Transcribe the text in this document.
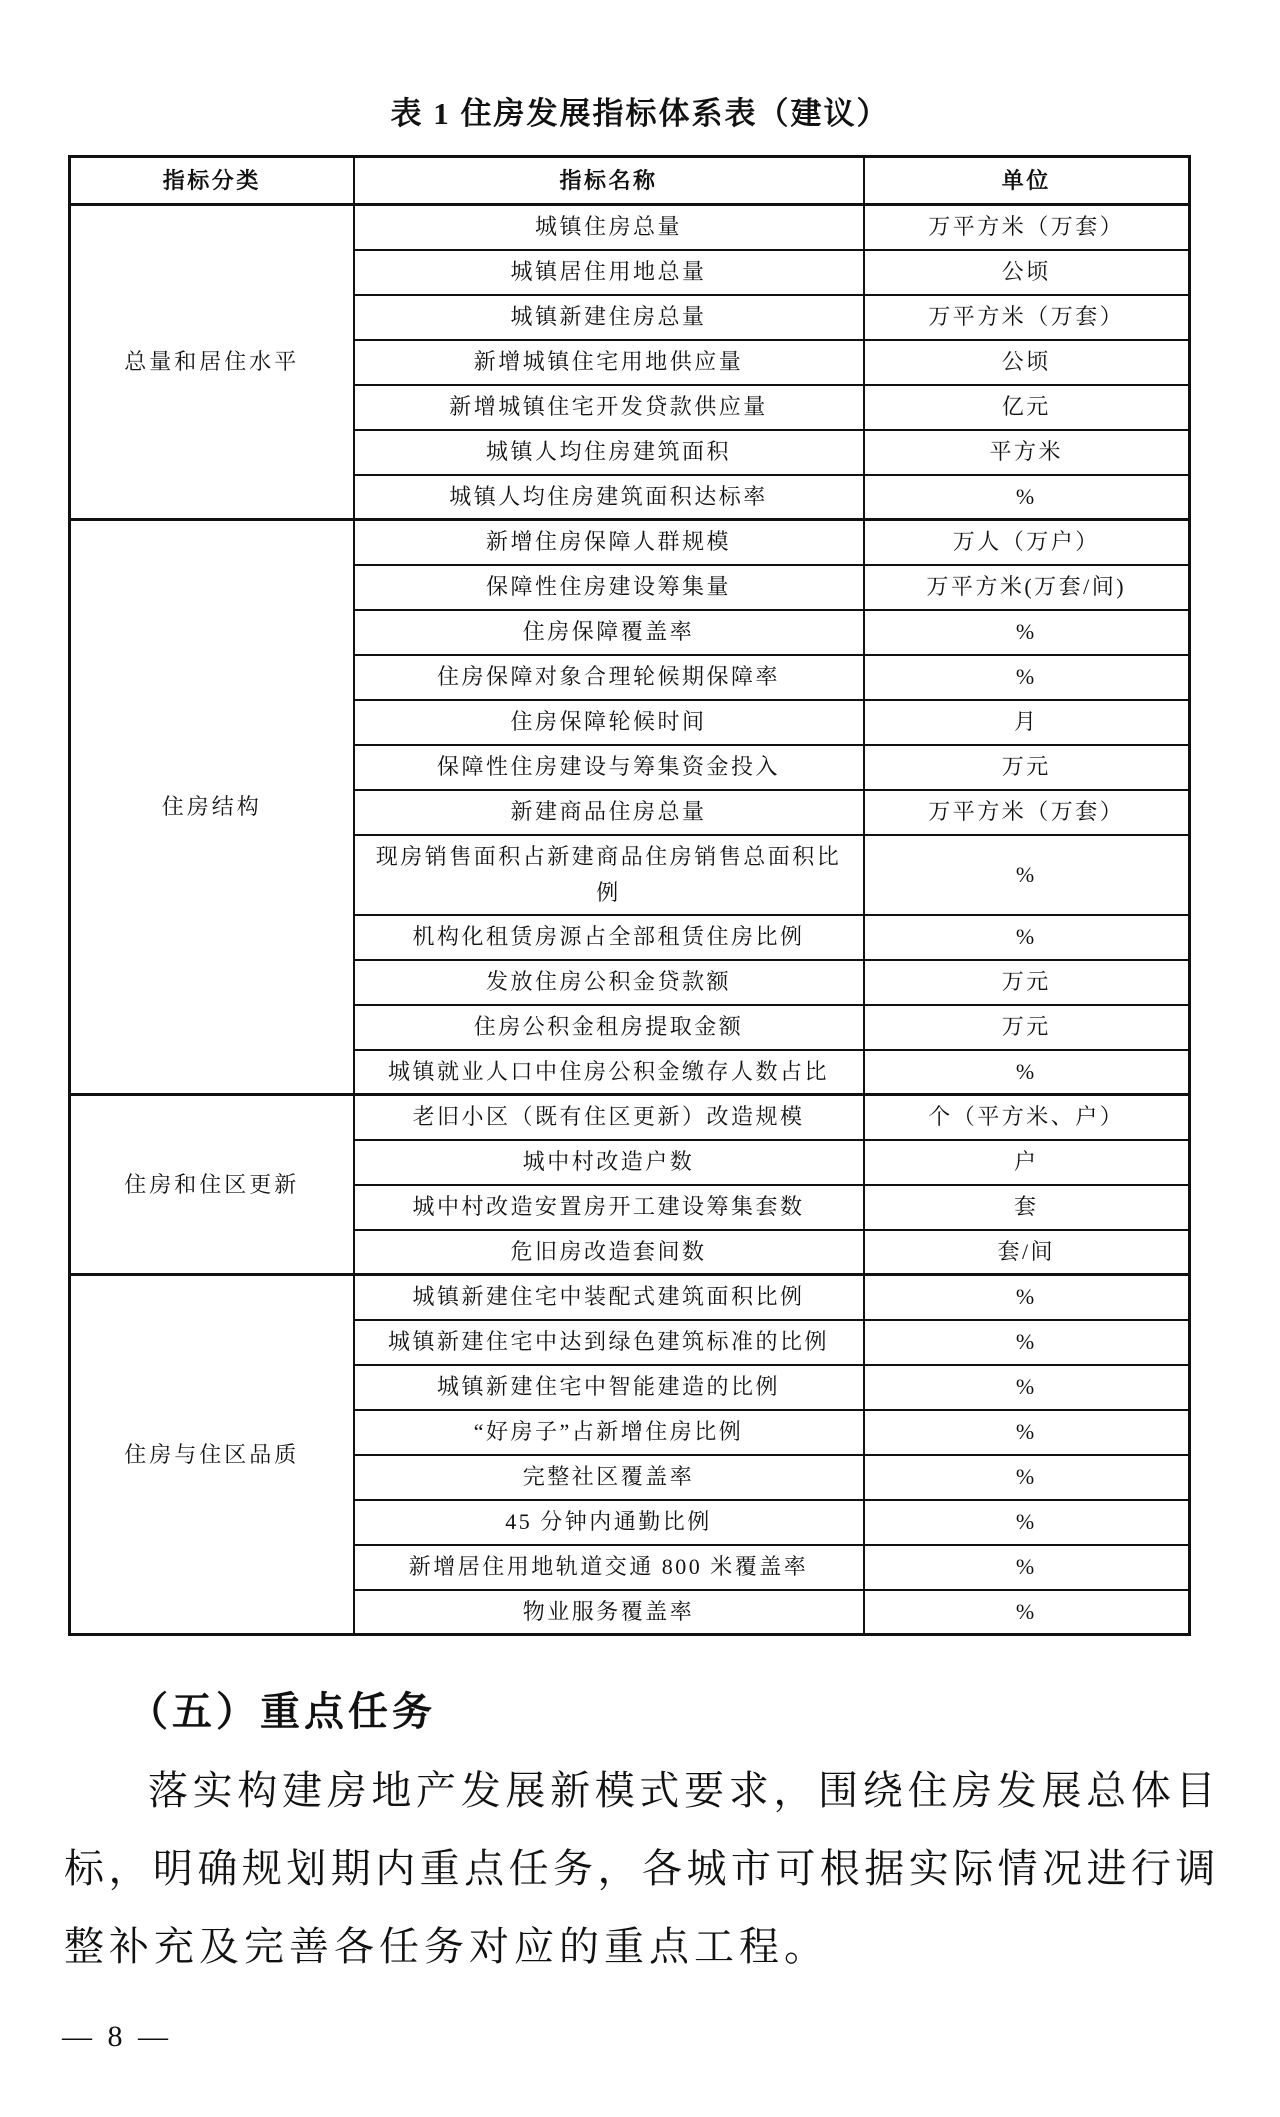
表 1 住房发展指标体系表（建议）
指标分类	指标名称	单位
总量和居住水平	城镇住房总量	万平方米（万套）
	城镇居住用地总量	公顷
	城镇新建住房总量	万平方米（万套）
	新增城镇住宅用地供应量	公顷
	新增城镇住宅开发贷款供应量	亿元
	城镇人均住房建筑面积	平方米
	城镇人均住房建筑面积达标率	%
住房结构	新增住房保障人群规模	万人（万户）
	保障性住房建设筹集量	万平方米(万套/间)
	住房保障覆盖率	%
	住房保障对象合理轮候期保障率	%
	住房保障轮候时间	月
	保障性住房建设与筹集资金投入	万元
	新建商品住房总量	万平方米（万套）
	现房销售面积占新建商品住房销售总面积比例	%
	机构化租赁房源占全部租赁住房比例	%
	发放住房公积金贷款额	万元
	住房公积金租房提取金额	万元
	城镇就业人口中住房公积金缴存人数占比	%
住房和住区更新	老旧小区（既有住区更新）改造规模	个（平方米、户）
	城中村改造户数	户
	城中村改造安置房开工建设筹集套数	套
	危旧房改造套间数	套/间
住房与住区品质	城镇新建住宅中装配式建筑面积比例	%
	城镇新建住宅中达到绿色建筑标准的比例	%
	城镇新建住宅中智能建造的比例	%
	“好房子”占新增住房比例	%
	完整社区覆盖率	%
	45 分钟内通勤比例	%
	新增居住用地轨道交通 800 米覆盖率	%
	物业服务覆盖率	%
（五）重点任务
落实构建房地产发展新模式要求，围绕住房发展总体目
标，明确规划期内重点任务，各城市可根据实际情况进行调
整补充及完善各任务对应的重点工程。
— 8 —
